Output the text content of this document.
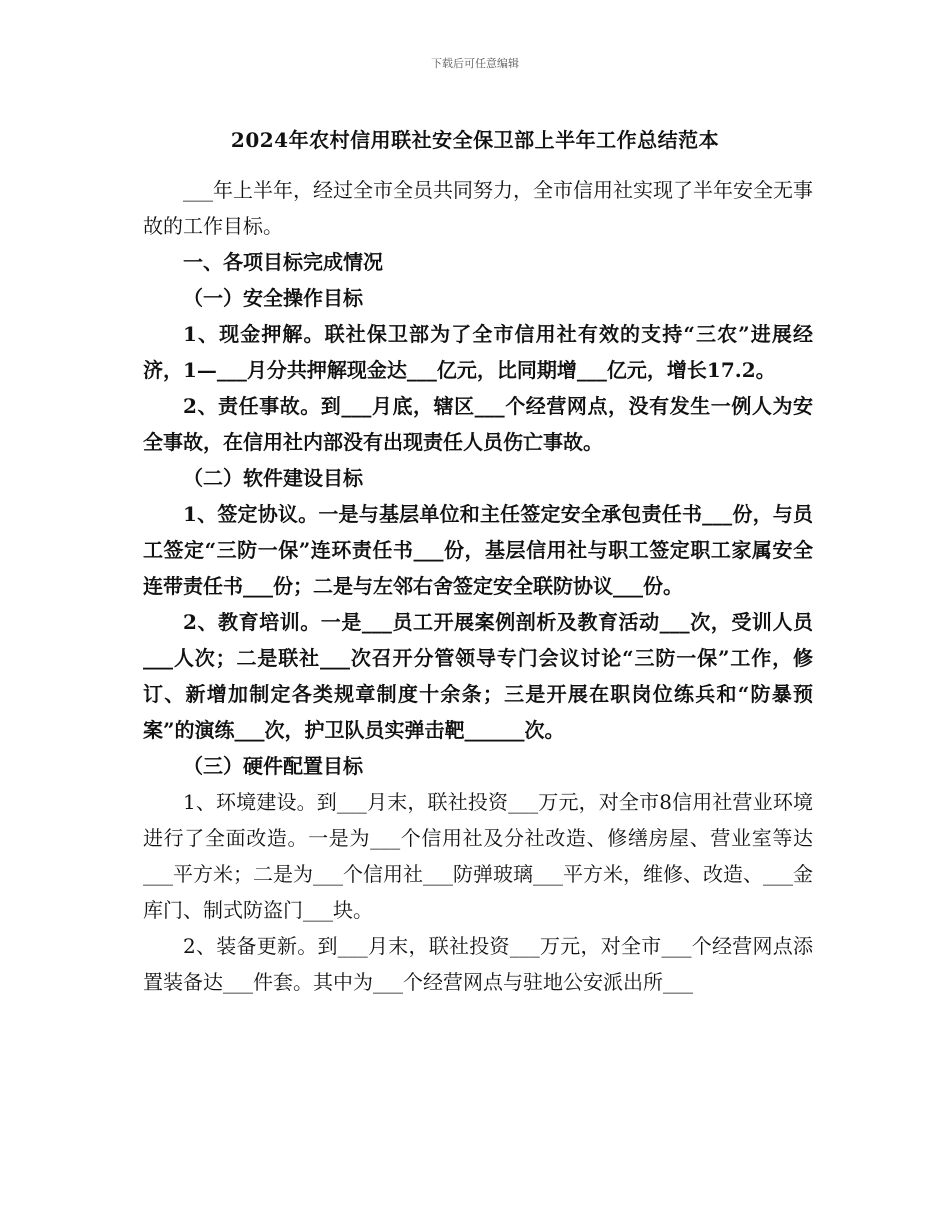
下载后可任意编辑
2024年农村信用联社安全保卫部上半年工作总结范本

___年上半年，经过全市全员共同努力，全市信用社实现了半年安全无事故的工作目标。

一、各项目标完成情况

（一）安全操作目标

1、现金押解。联社保卫部为了全市信用社有效的支持“三农”进展经济，1—___月分共押解现金达___亿元，比同期增___亿元，增长17.2。

2、责任事故。到___月底，辖区___个经营网点，没有发生一例人为安全事故，在信用社内部没有出现责任人员伤亡事故。

（二）软件建设目标

1、签定协议。一是与基层单位和主任签定安全承包责任书___份，与员工签定“三防一保”连环责任书___份，基层信用社与职工签定职工家属安全连带责任书___份；二是与左邻右舍签定安全联防协议___份。

2、教育培训。一是___员工开展案例剖析及教育活动___次，受训人员___人次；二是联社___次召开分管领导专门会议讨论“三防一保”工作，修订、新增加制定各类规章制度十余条；三是开展在职岗位练兵和“防暴预案”的演练___次，护卫队员实弹击靶______次。

（三）硬件配置目标

1、环境建设。到___月末，联社投资___万元，对全市8信用社营业环境进行了全面改造。一是为___个信用社及分社改造、修缮房屋、营业室等达___平方米；二是为___个信用社___防弹玻璃___平方米，维修、改造、___金库门、制式防盗门___块。

2、装备更新。到___月末，联社投资___万元，对全市___个经营网点添置装备达___件套。其中为___个经营网点与驻地公安派出所___
